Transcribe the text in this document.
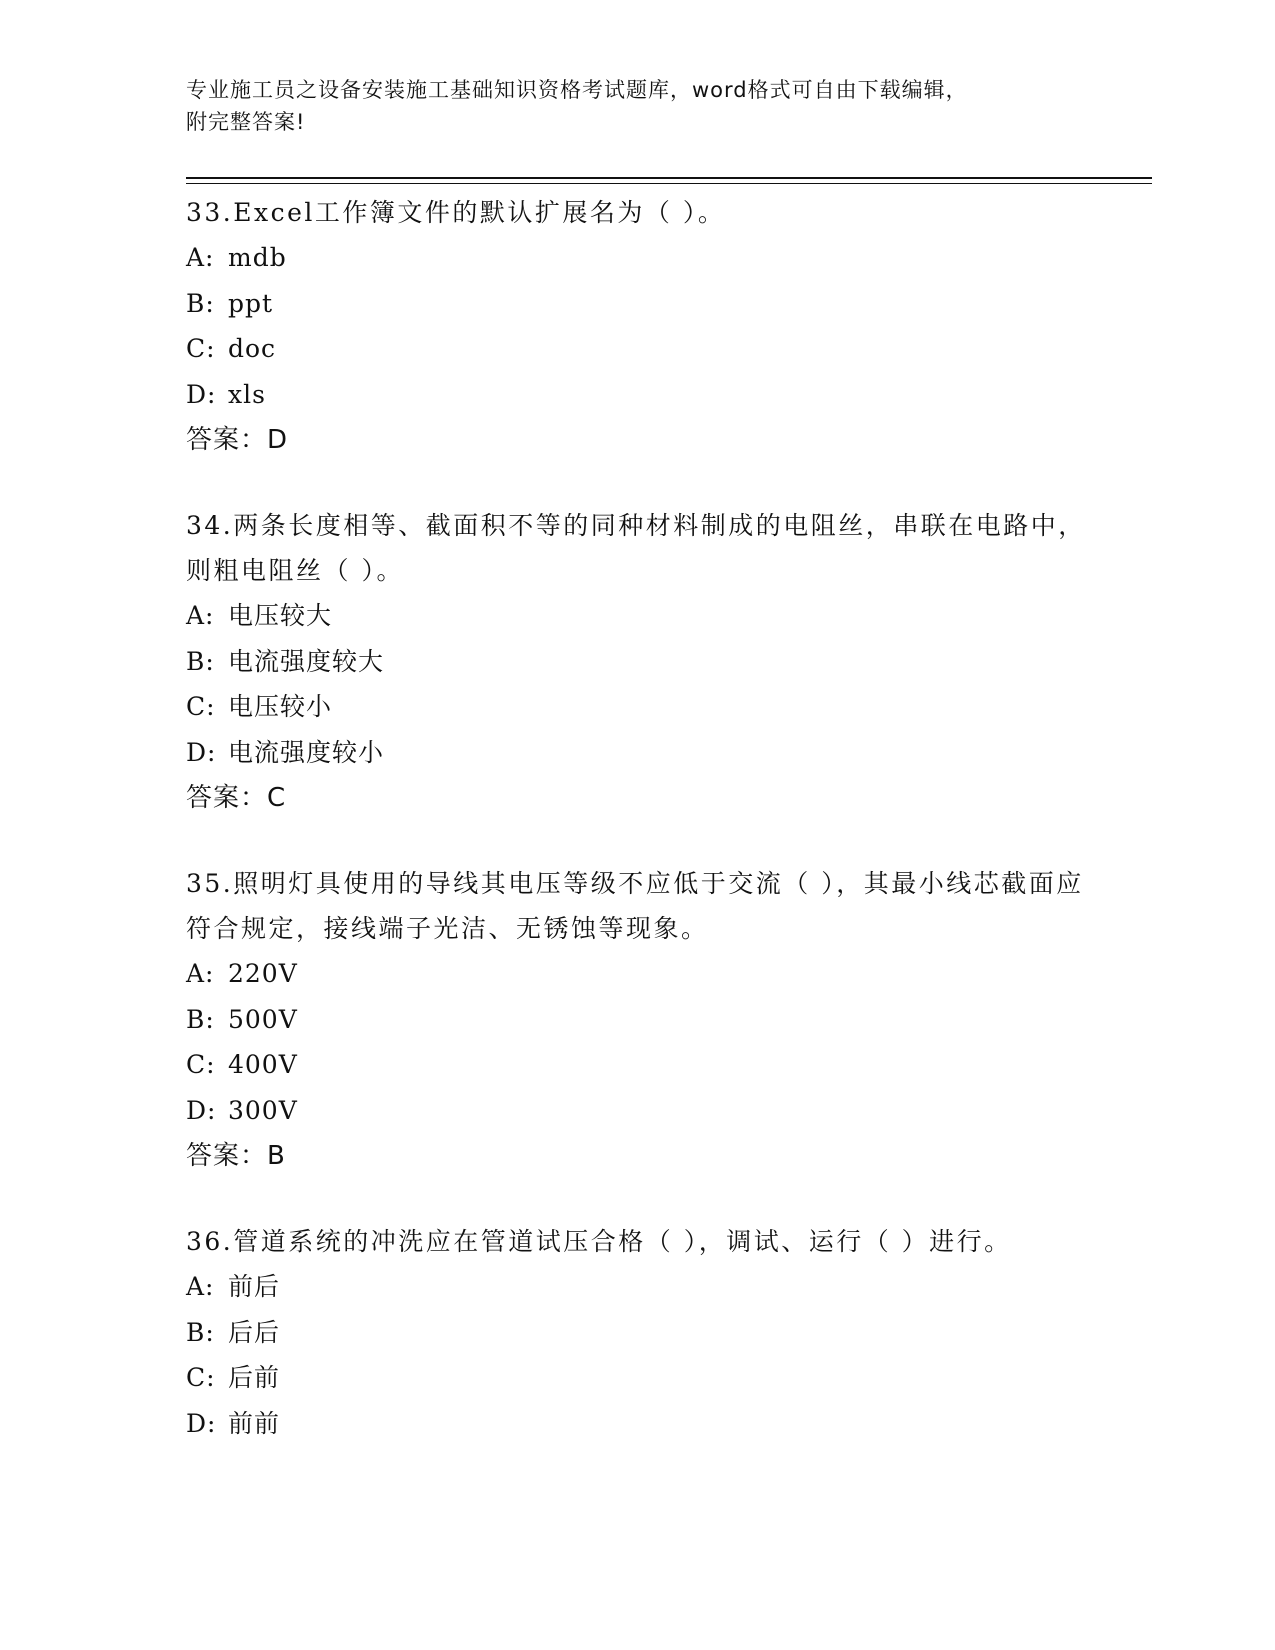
专业施工员之设备安装施工基础知识资格考试题库，word格式可自由下载编辑，
附完整答案!
33.Excel工作簿文件的默认扩展名为（ ）。
A: mdb
B: ppt
C: doc
D: xls
答案：D
34.两条长度相等、截面积不等的同种材料制成的电阻丝，串联在电路中，则粗电阻丝（ ）。
A: 电压较大
B: 电流强度较大
C: 电压较小
D: 电流强度较小
答案：C
35.照明灯具使用的导线其电压等级不应低于交流（ ），其最小线芯截面应符合规定，接线端子光洁、无锈蚀等现象。
A: 220V
B: 500V
C: 400V
D: 300V
答案：B
36.管道系统的冲洗应在管道试压合格（ ），调试、运行（ ）进行。
A: 前后
B: 后后
C: 后前
D: 前前
